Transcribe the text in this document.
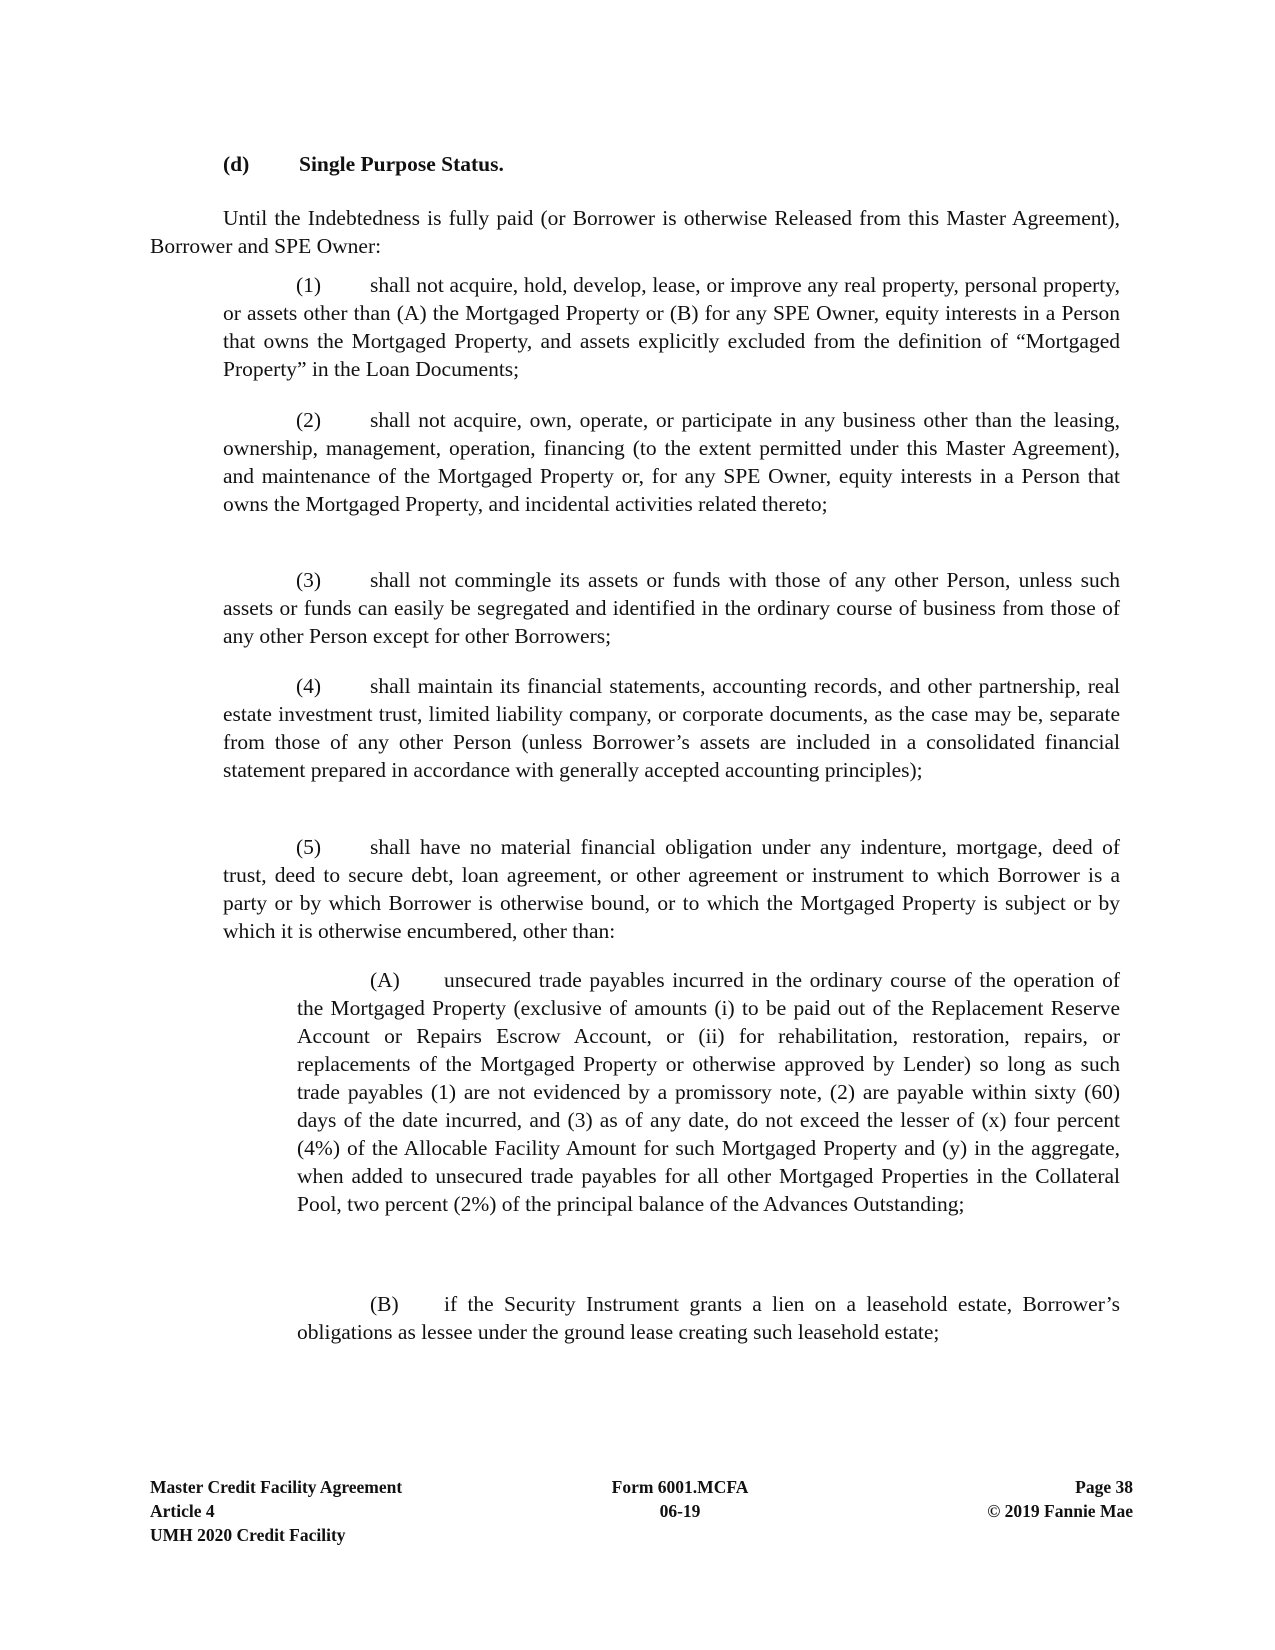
(d) Single Purpose Status.

Until the Indebtedness is fully paid (or Borrower is otherwise Released from this Master Agreement), Borrower and SPE Owner:

(1) shall not acquire, hold, develop, lease, or improve any real property, personal property, or assets other than (A) the Mortgaged Property or (B) for any SPE Owner, equity interests in a Person that owns the Mortgaged Property, and assets explicitly excluded from the definition of “Mortgaged Property” in the Loan Documents;

(2) shall not acquire, own, operate, or participate in any business other than the leasing, ownership, management, operation, financing (to the extent permitted under this Master Agreement), and maintenance of the Mortgaged Property or, for any SPE Owner, equity interests in a Person that owns the Mortgaged Property, and incidental activities related thereto;

(3) shall not commingle its assets or funds with those of any other Person, unless such assets or funds can easily be segregated and identified in the ordinary course of business from those of any other Person except for other Borrowers;

(4) shall maintain its financial statements, accounting records, and other partnership, real estate investment trust, limited liability company, or corporate documents, as the case may be, separate from those of any other Person (unless Borrower’s assets are included in a consolidated financial statement prepared in accordance with generally accepted accounting principles);

(5) shall have no material financial obligation under any indenture, mortgage, deed of trust, deed to secure debt, loan agreement, or other agreement or instrument to which Borrower is a party or by which Borrower is otherwise bound, or to which the Mortgaged Property is subject or by which it is otherwise encumbered, other than:

(A) unsecured trade payables incurred in the ordinary course of the operation of the Mortgaged Property (exclusive of amounts (i) to be paid out of the Replacement Reserve Account or Repairs Escrow Account, or (ii) for rehabilitation, restoration, repairs, or replacements of the Mortgaged Property or otherwise approved by Lender) so long as such trade payables (1) are not evidenced by a promissory note, (2) are payable within sixty (60) days of the date incurred, and (3) as of any date, do not exceed the lesser of (x) four percent (4%) of the Allocable Facility Amount for such Mortgaged Property and (y) in the aggregate, when added to unsecured trade payables for all other Mortgaged Properties in the Collateral Pool, two percent (2%) of the principal balance of the Advances Outstanding;

(B) if the Security Instrument grants a lien on a leasehold estate, Borrower’s obligations as lessee under the ground lease creating such leasehold estate;

Master Credit Facility Agreement
Article 4
UMH 2020 Credit Facility
Form 6001.MCFA
06-19
Page 38
© 2019 Fannie Mae
